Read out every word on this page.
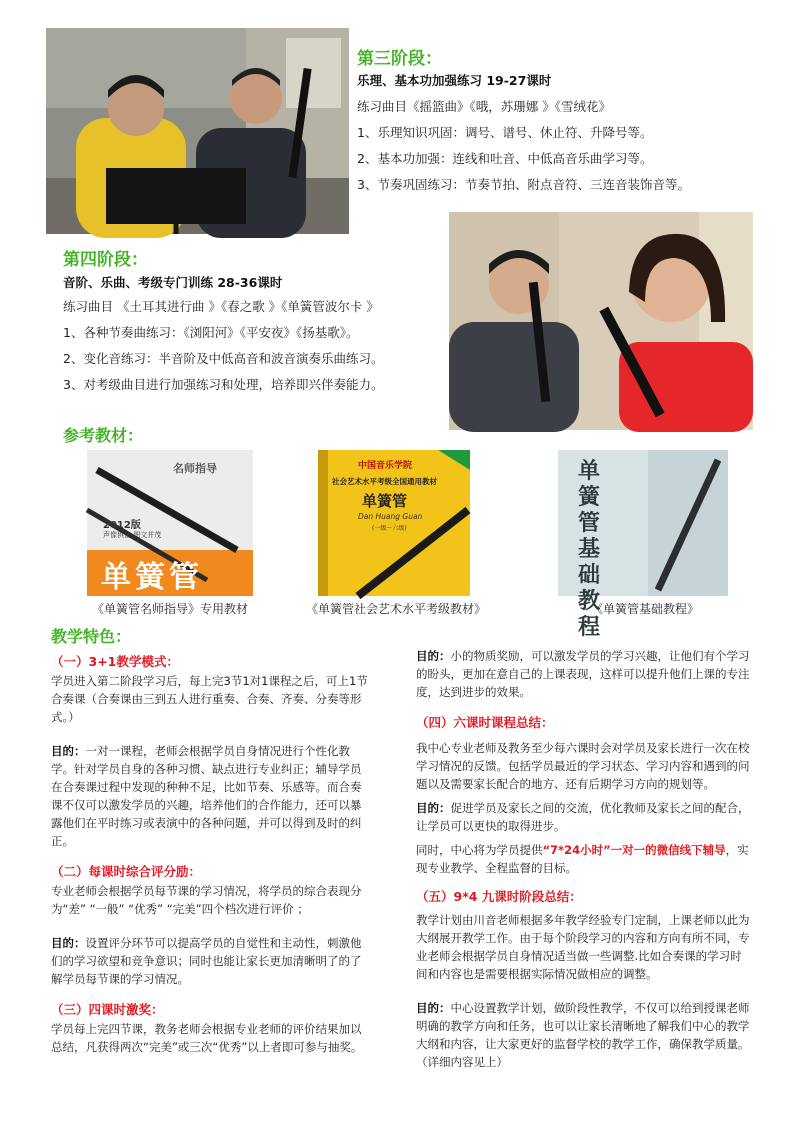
第三阶段：
乐理、基本功加强练习 19-27课时
练习曲目《摇篮曲》《哦，苏珊娜 》《雪绒花》
1、乐理知识巩固：调号、谱号、休止符、升降号等。
2、基本功加强：连线和吐音、中低高音乐曲学习等。
3、节奏巩固练习：节奏节拍、附点音符、三连音装饰音等。
第四阶段：
音阶、乐曲、考级专门训练 28-36课时
练习曲目 《土耳其进行曲 》《春之歌 》《单簧管波尔卡 》
1、各种节奏曲练习：《浏阳河》《平安夜》《扬基歌》。
2、变化音练习：半音阶及中低高音和波音演奏乐曲练习。
3、对考级曲目进行加强练习和处理，培养即兴伴奏能力。
参考教材：
名师指导
2012版
声像俱备 图文并茂
单簧管
《单簧管名师指导》专用教材
中国音乐学院
社会艺术水平考级全国通用教材
单簧管
Dan Huang Guan
(一级～六级)
《单簧管社会艺术水平考级教材》
单簧管基础教程
《单簧管基础教程》
教学特色：
（一）3+1教学模式：
学员进入第二阶段学习后，每上完3节1对1课程之后，可上1节合奏课（合奏课由三到五人进行重奏、合奏、齐奏、分奏等形式。）
目的：一对一课程，老师会根据学员自身情况进行个性化教学。针对学员自身的各种习惯、缺点进行专业纠正；辅导学员在合奏课过程中发现的种种不足，比如节奏、乐感等。而合奏课不仅可以激发学员的兴趣，培养他们的合作能力，还可以暴露他们在平时练习或表演中的各种问题，并可以得到及时的纠正。
（二）每课时综合评分励：
专业老师会根据学员每节课的学习情况，将学员的综合表现分为“差” “一般” “优秀” “完美”四个档次进行评价 ；
目的：设置评分环节可以提高学员的自觉性和主动性，刺激他们的学习欲望和竞争意识；同时也能让家长更加清晰明了的了解学员每节课的学习情况。
（三）四课时激奖：
学员每上完四节课，教务老师会根据专业老师的评价结果加以总结，凡获得两次“完美”或三次“优秀”以上者即可参与抽奖。
目的：小的物质奖励，可以激发学员的学习兴趣，让他们有个学习的盼头，更加在意自己的上课表现，这样可以提升他们上课的专注度，达到进步的效果。
（四）六课时课程总结：
我中心专业老师及教务至少每六课时会对学员及家长进行一次在校学习情况的反馈。包括学员最近的学习状态、学习内容和遇到的问题以及需要家长配合的地方、还有后期学习方向的规划等。
目的：促进学员及家长之间的交流，优化教师及家长之间的配合，让学员可以更快的取得进步。
同时，中心将为学员提供“7*24小时”一对一的微信线下辅导，实现专业教学、全程监督的目标。
（五）9*4 九课时阶段总结：
教学计划由川音老师根据多年教学经验专门定制，上课老师以此为大纲展开教学工作。由于每个阶段学习的内容和方向有所不同，专业老师会根据学员自身情况适当做一些调整.比如合奏课的学习时间和内容也是需要根据实际情况做相应的调整。
目的：中心设置教学计划，做阶段性教学，不仅可以给到授课老师明确的教学方向和任务，也可以让家长清晰地了解我们中心的教学大纲和内容，让大家更好的监督学校的教学工作，确保教学质量。（详细内容见上）
